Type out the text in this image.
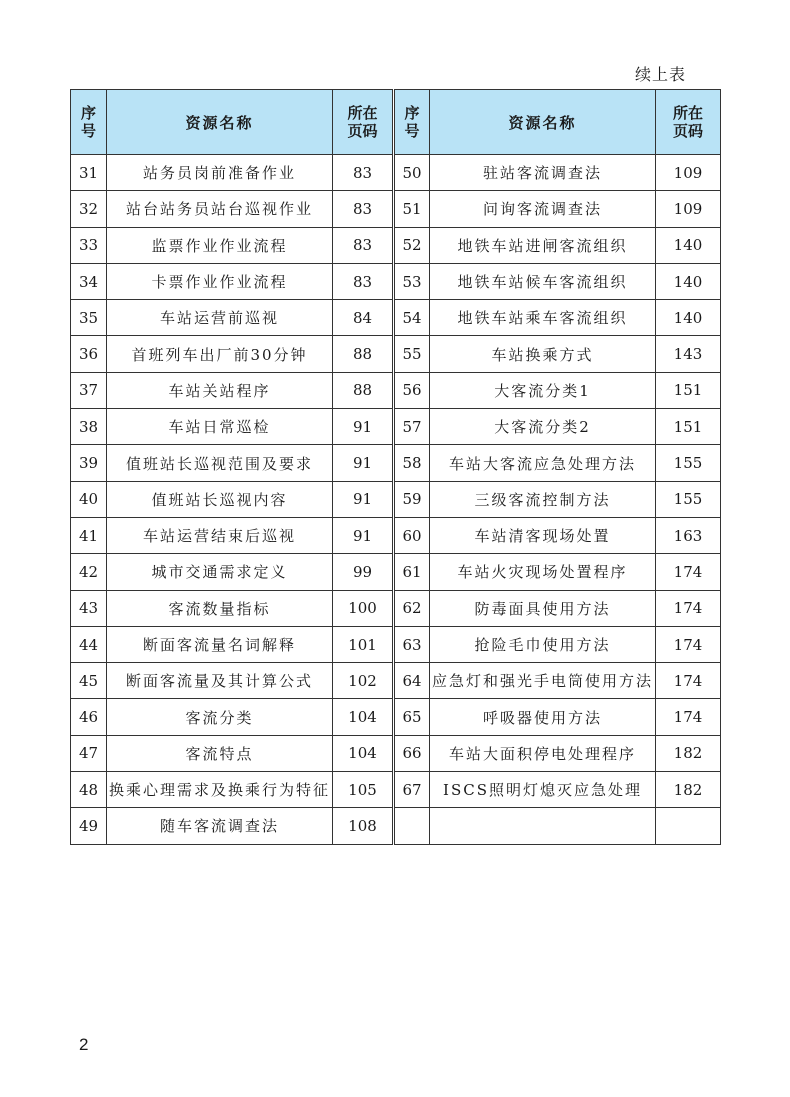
续上表
序号	资源名称	所在页码	序号	资源名称	所在页码
31	站务员岗前准备作业	83	50	驻站客流调查法	109
32	站台站务员站台巡视作业	83	51	问询客流调查法	109
33	监票作业作业流程	83	52	地铁车站进闸客流组织	140
34	卡票作业作业流程	83	53	地铁车站候车客流组织	140
35	车站运营前巡视	84	54	地铁车站乘车客流组织	140
36	首班列车出厂前30分钟	88	55	车站换乘方式	143
37	车站关站程序	88	56	大客流分类1	151
38	车站日常巡检	91	57	大客流分类2	151
39	值班站长巡视范围及要求	91	58	车站大客流应急处理方法	155
40	值班站长巡视内容	91	59	三级客流控制方法	155
41	车站运营结束后巡视	91	60	车站清客现场处置	163
42	城市交通需求定义	99	61	车站火灾现场处置程序	174
43	客流数量指标	100	62	防毒面具使用方法	174
44	断面客流量名词解释	101	63	抢险毛巾使用方法	174
45	断面客流量及其计算公式	102	64	应急灯和强光手电筒使用方法	174
46	客流分类	104	65	呼吸器使用方法	174
47	客流特点	104	66	车站大面积停电处理程序	182
48	换乘心理需求及换乘行为特征	105	67	ISCS照明灯熄灭应急处理	182
49	随车客流调查法	108			
2
